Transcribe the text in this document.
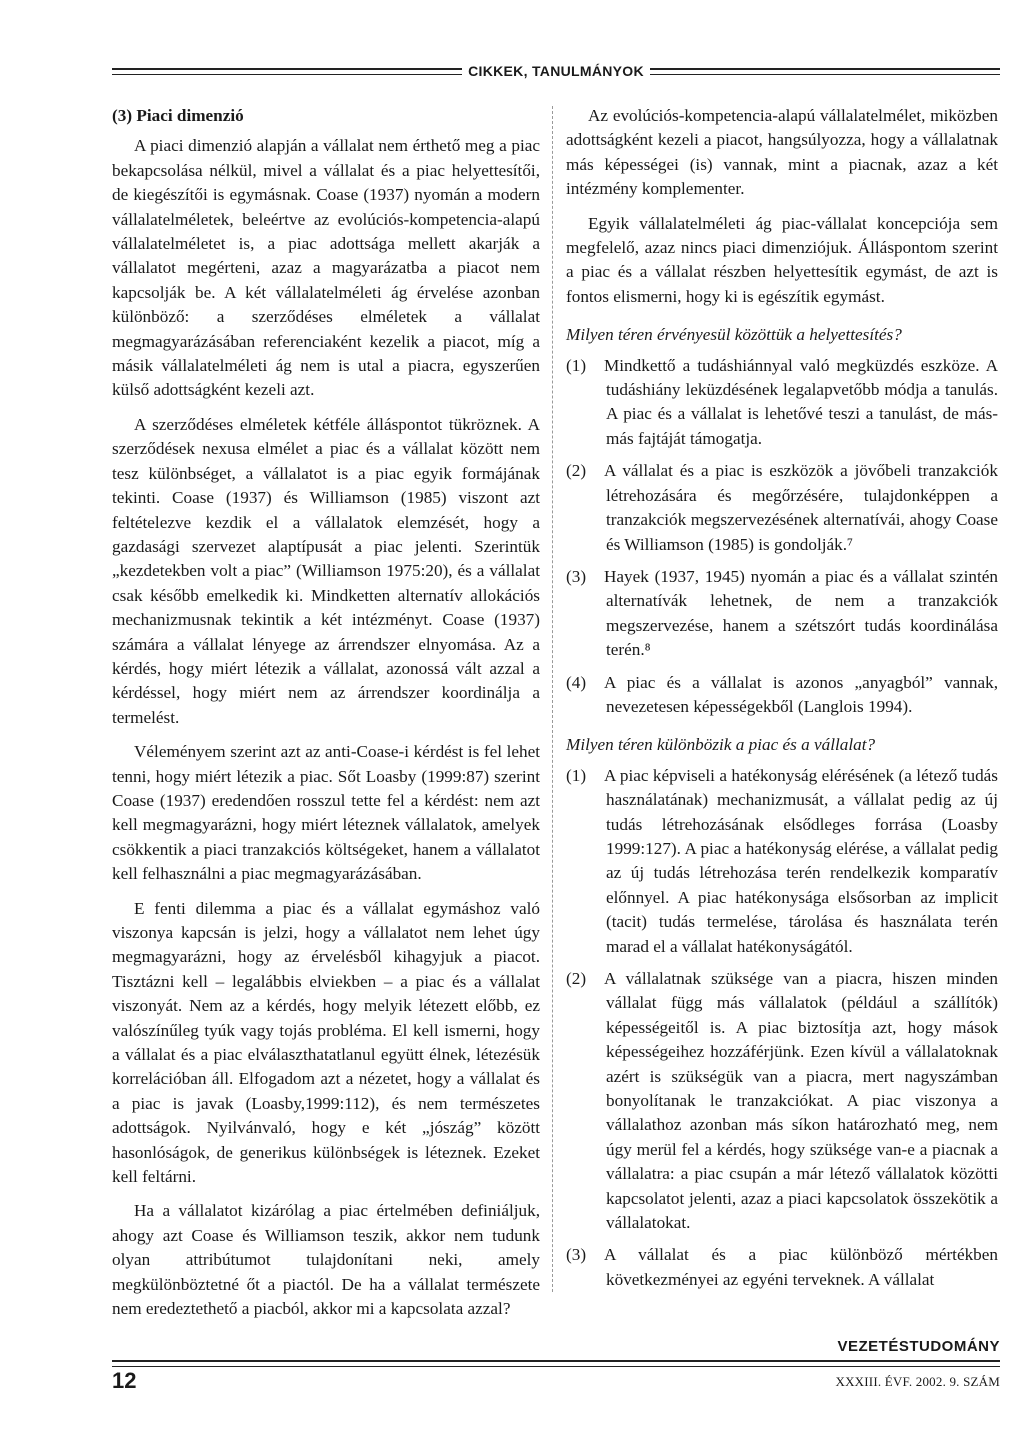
CIKKEK, TANULMÁNYOK
(3) Piaci dimenzió

A piaci dimenzió alapján a vállalat nem érthető meg a piac bekapcsolása nélkül, mivel a vállalat és a piac helyettesítői, de kiegészítői is egymásnak. Coase (1937) nyomán a modern vállalatelméletek, beleértve az evolúciós-kompetencia-alapú vállalatelméletet is, a piac adottsága mellett akarják a vállalatot megérteni, azaz a magyarázatba a piacot nem kapcsolják be. A két vállalatelméleti ág érvelése azonban különböző: a szerződéses elméletek a vállalat megmagyarázásában referenciaként kezelik a piacot, míg a másik vállalatelméleti ág nem is utal a piacra, egyszerűen külső adottságként kezeli azt.

A szerződéses elméletek kétféle álláspontot tükröznek. A szerződések nexusa elmélet a piac és a vállalat között nem tesz különbséget, a vállalatot is a piac egyik formájának tekinti. Coase (1937) és Williamson (1985) viszont azt feltételezve kezdik el a vállalatok elemzését, hogy a gazdasági szervezet alaptípusát a piac jelenti. Szerintük „kezdetekben volt a piac” (Williamson 1975:20), és a vállalat csak később emelkedik ki. Mindketten alternatív allokációs mechanizmusnak tekintik a két intézményt. Coase (1937) számára a vállalat lényege az árrendszer elnyomása. Az a kérdés, hogy miért létezik a vállalat, azonossá vált azzal a kérdéssel, hogy miért nem az árrendszer koordinálja a termelést.

Véleményem szerint azt az anti-Coase-i kérdést is fel lehet tenni, hogy miért létezik a piac. Sőt Loasby (1999:87) szerint Coase (1937) eredendően rosszul tette fel a kérdést: nem azt kell megmagyarázni, hogy miért léteznek vállalatok, amelyek csökkentik a piaci tranzakciós költségeket, hanem a vállalatot kell felhasználni a piac megmagyarázásában.

E fenti dilemma a piac és a vállalat egymáshoz való viszonya kapcsán is jelzi, hogy a vállalatot nem lehet úgy megmagyarázni, hogy az érvelésből kihagyjuk a piacot. Tisztázni kell – legalábbis elviekben – a piac és a vállalat viszonyát. Nem az a kérdés, hogy melyik létezett előbb, ez valószínűleg tyúk vagy tojás probléma. El kell ismerni, hogy a vállalat és a piac elválaszthatatlanul együtt élnek, létezésük korrelációban áll. Elfogadom azt a nézetet, hogy a vállalat és a piac is javak (Loasby,1999:112), és nem természetes adottságok. Nyilvánvaló, hogy e két „jószág” között hasonlóságok, de generikus különbségek is léteznek. Ezeket kell feltárni.

Ha a vállalatot kizárólag a piac értelmében definiáljuk, ahogy azt Coase és Williamson teszik, akkor nem tudunk olyan attribútumot tulajdonítani neki, amely megkülönböztetné őt a piactól. De ha a vállalat természete nem eredeztethető a piacból, akkor mi a kapcsolata azzal?

Az evolúciós-kompetencia-alapú vállalatelmélet, miközben adottságként kezeli a piacot, hangsúlyozza, hogy a vállalatnak más képességei (is) vannak, mint a piacnak, azaz a két intézmény komplementer.

Egyik vállalatelméleti ág piac-vállalat koncepciója sem megfelelő, azaz nincs piaci dimenziójuk. Álláspontom szerint a piac és a vállalat részben helyettesítik egymást, de azt is fontos elismerni, hogy ki is egészítik egymást.

Milyen téren érvényesül közöttük a helyettesítés?
(1) Mindkettő a tudáshiánnyal való megküzdés eszköze. A tudáshiány leküzdésének legalapvetőbb módja a tanulás. A piac és a vállalat is lehetővé teszi a tanulást, de más-más fajtáját támogatja.
(2) A vállalat és a piac is eszközök a jövőbeli tranzakciók létrehozására és megőrzésére, tulajdonképpen a tranzakciók megszervezésének alternatívái, ahogy Coase és Williamson (1985) is gondolják.⁷
(3) Hayek (1937, 1945) nyomán a piac és a vállalat szintén alternatívák lehetnek, de nem a tranzakciók megszervezése, hanem a szétszórt tudás koordinálása terén.⁸
(4) A piac és a vállalat is azonos „anyagból” vannak, nevezetesen képességekből (Langlois 1994).
Milyen téren különbözik a piac és a vállalat?
(1) A piac képviseli a hatékonyság elérésének (a létező tudás használatának) mechanizmusát, a vállalat pedig az új tudás létrehozásának elsődleges forrása (Loasby 1999:127). A piac a hatékonyság elérése, a vállalat pedig az új tudás létrehozása terén rendelkezik komparatív előnnyel. A piac hatékonysága elsősorban az implicit (tacit) tudás termelése, tárolása és használata terén marad el a vállalat hatékonyságától.
(2) A vállalatnak szüksége van a piacra, hiszen minden vállalat függ más vállalatok (például a szállítók) képességeitől is. A piac biztosítja azt, hogy mások képességeihez hozzáférjünk. Ezen kívül a vállalatoknak azért is szükségük van a piacra, mert nagyszámban bonyolítanak le tranzakciókat. A piac viszonya a vállalathoz azonban más síkon határozható meg, nem úgy merül fel a kérdés, hogy szüksége van-e a piacnak a vállalatra: a piac csupán a már létező vállalatok közötti kapcsolatot jelenti, azaz a piaci kapcsolatok összekötik a vállalatokat.
(3) A vállalat és a piac különböző mértékben következményei az egyéni terveknek. A vállalat
VEZETÉSTUDOMÁNY
12	XXXIII. ÉVF. 2002. 9. SZÁM
